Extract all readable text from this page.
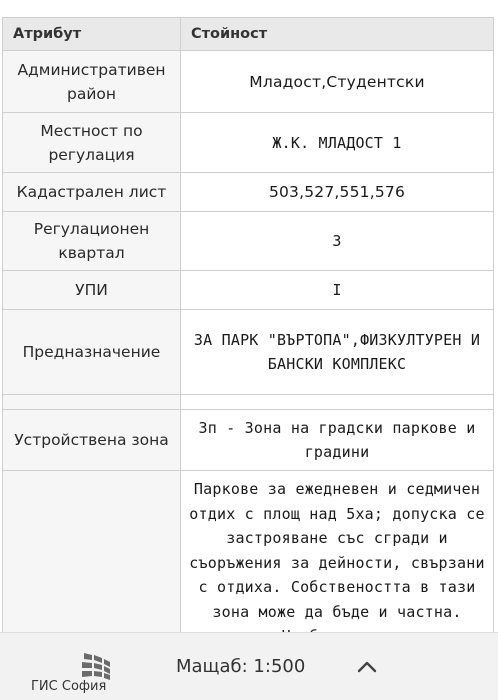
Атрибут	Стойност
Административен район	Младост,Студентски
Местност по регулация	Ж.К. МЛАДОСТ 1
Кадастрален лист	503,527,551,576
Регулационен квартал	3
УПИ	I
Предназначение	ЗА ПАРК "ВЪРТОПА",ФИЗКУЛТУРЕН И БАНСКИ КОМПЛЕКС

Устройствена зона	Зп - Зона на градски паркове и градини
	Паркове за ежедневен и седмичен отдих с площ над 5ха; допуска се застрояване със сгради и съоръжения за дейности, свързани с отдиха. Собствеността в тази зона може да бъде и частна.
ГИС София
Мащаб: 1:500
